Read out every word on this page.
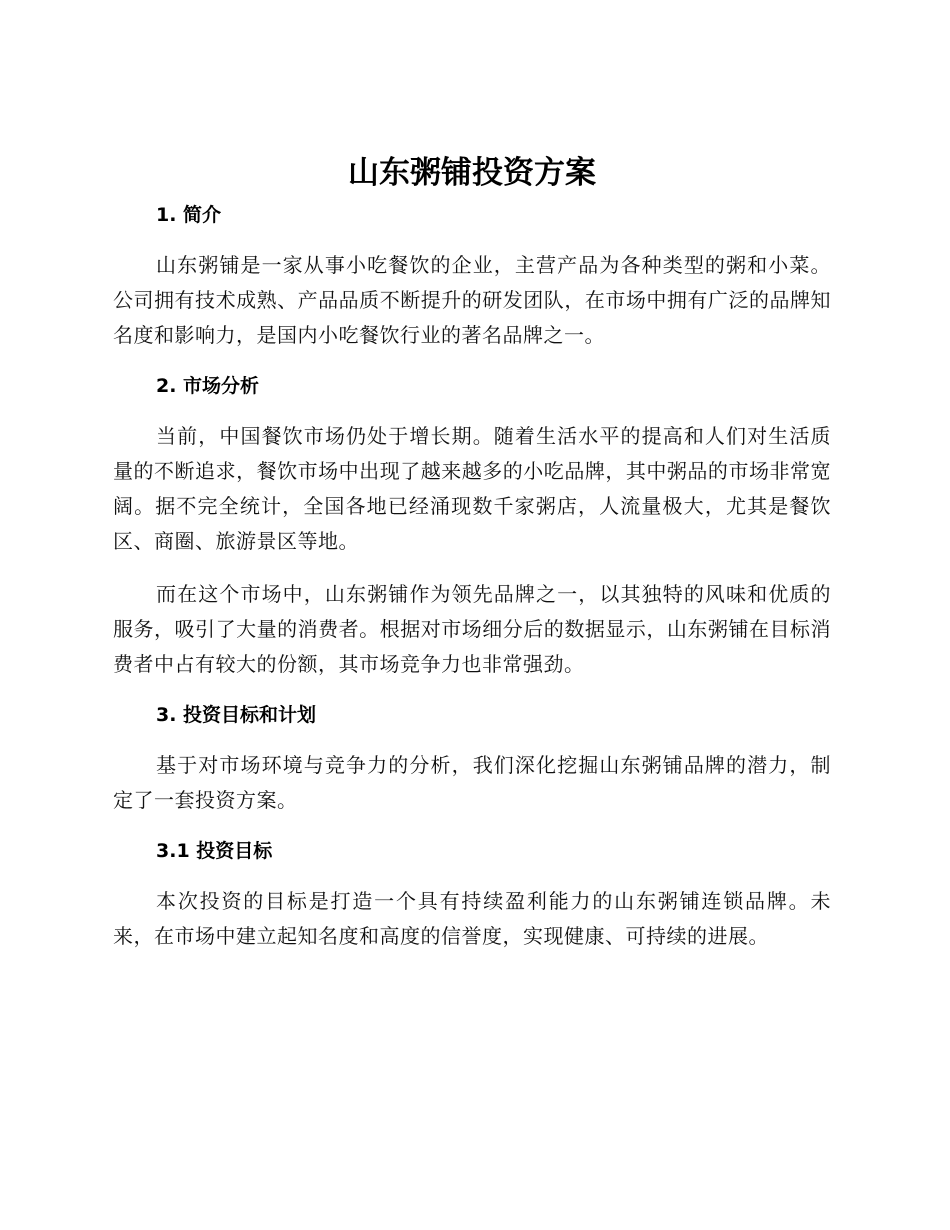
山东粥铺投资方案
1. 简介

山东粥铺是一家从事小吃餐饮的企业，主营产品为各种类型的粥和小菜。公司拥有技术成熟、产品品质不断提升的研发团队，在市场中拥有广泛的品牌知名度和影响力，是国内小吃餐饮行业的著名品牌之一。

2. 市场分析

当前，中国餐饮市场仍处于增长期。随着生活水平的提高和人们对生活质量的不断追求，餐饮市场中出现了越来越多的小吃品牌，其中粥品的市场非常宽阔。据不完全统计，全国各地已经涌现数千家粥店，人流量极大，尤其是餐饮区、商圈、旅游景区等地。

而在这个市场中，山东粥铺作为领先品牌之一，以其独特的风味和优质的服务，吸引了大量的消费者。根据对市场细分后的数据显示，山东粥铺在目标消费者中占有较大的份额，其市场竞争力也非常强劲。

3. 投资目标和计划

基于对市场环境与竞争力的分析，我们深化挖掘山东粥铺品牌的潜力，制定了一套投资方案。

3.1 投资目标

本次投资的目标是打造一个具有持续盈利能力的山东粥铺连锁品牌。未来，在市场中建立起知名度和高度的信誉度，实现健康、可持续的进展。
